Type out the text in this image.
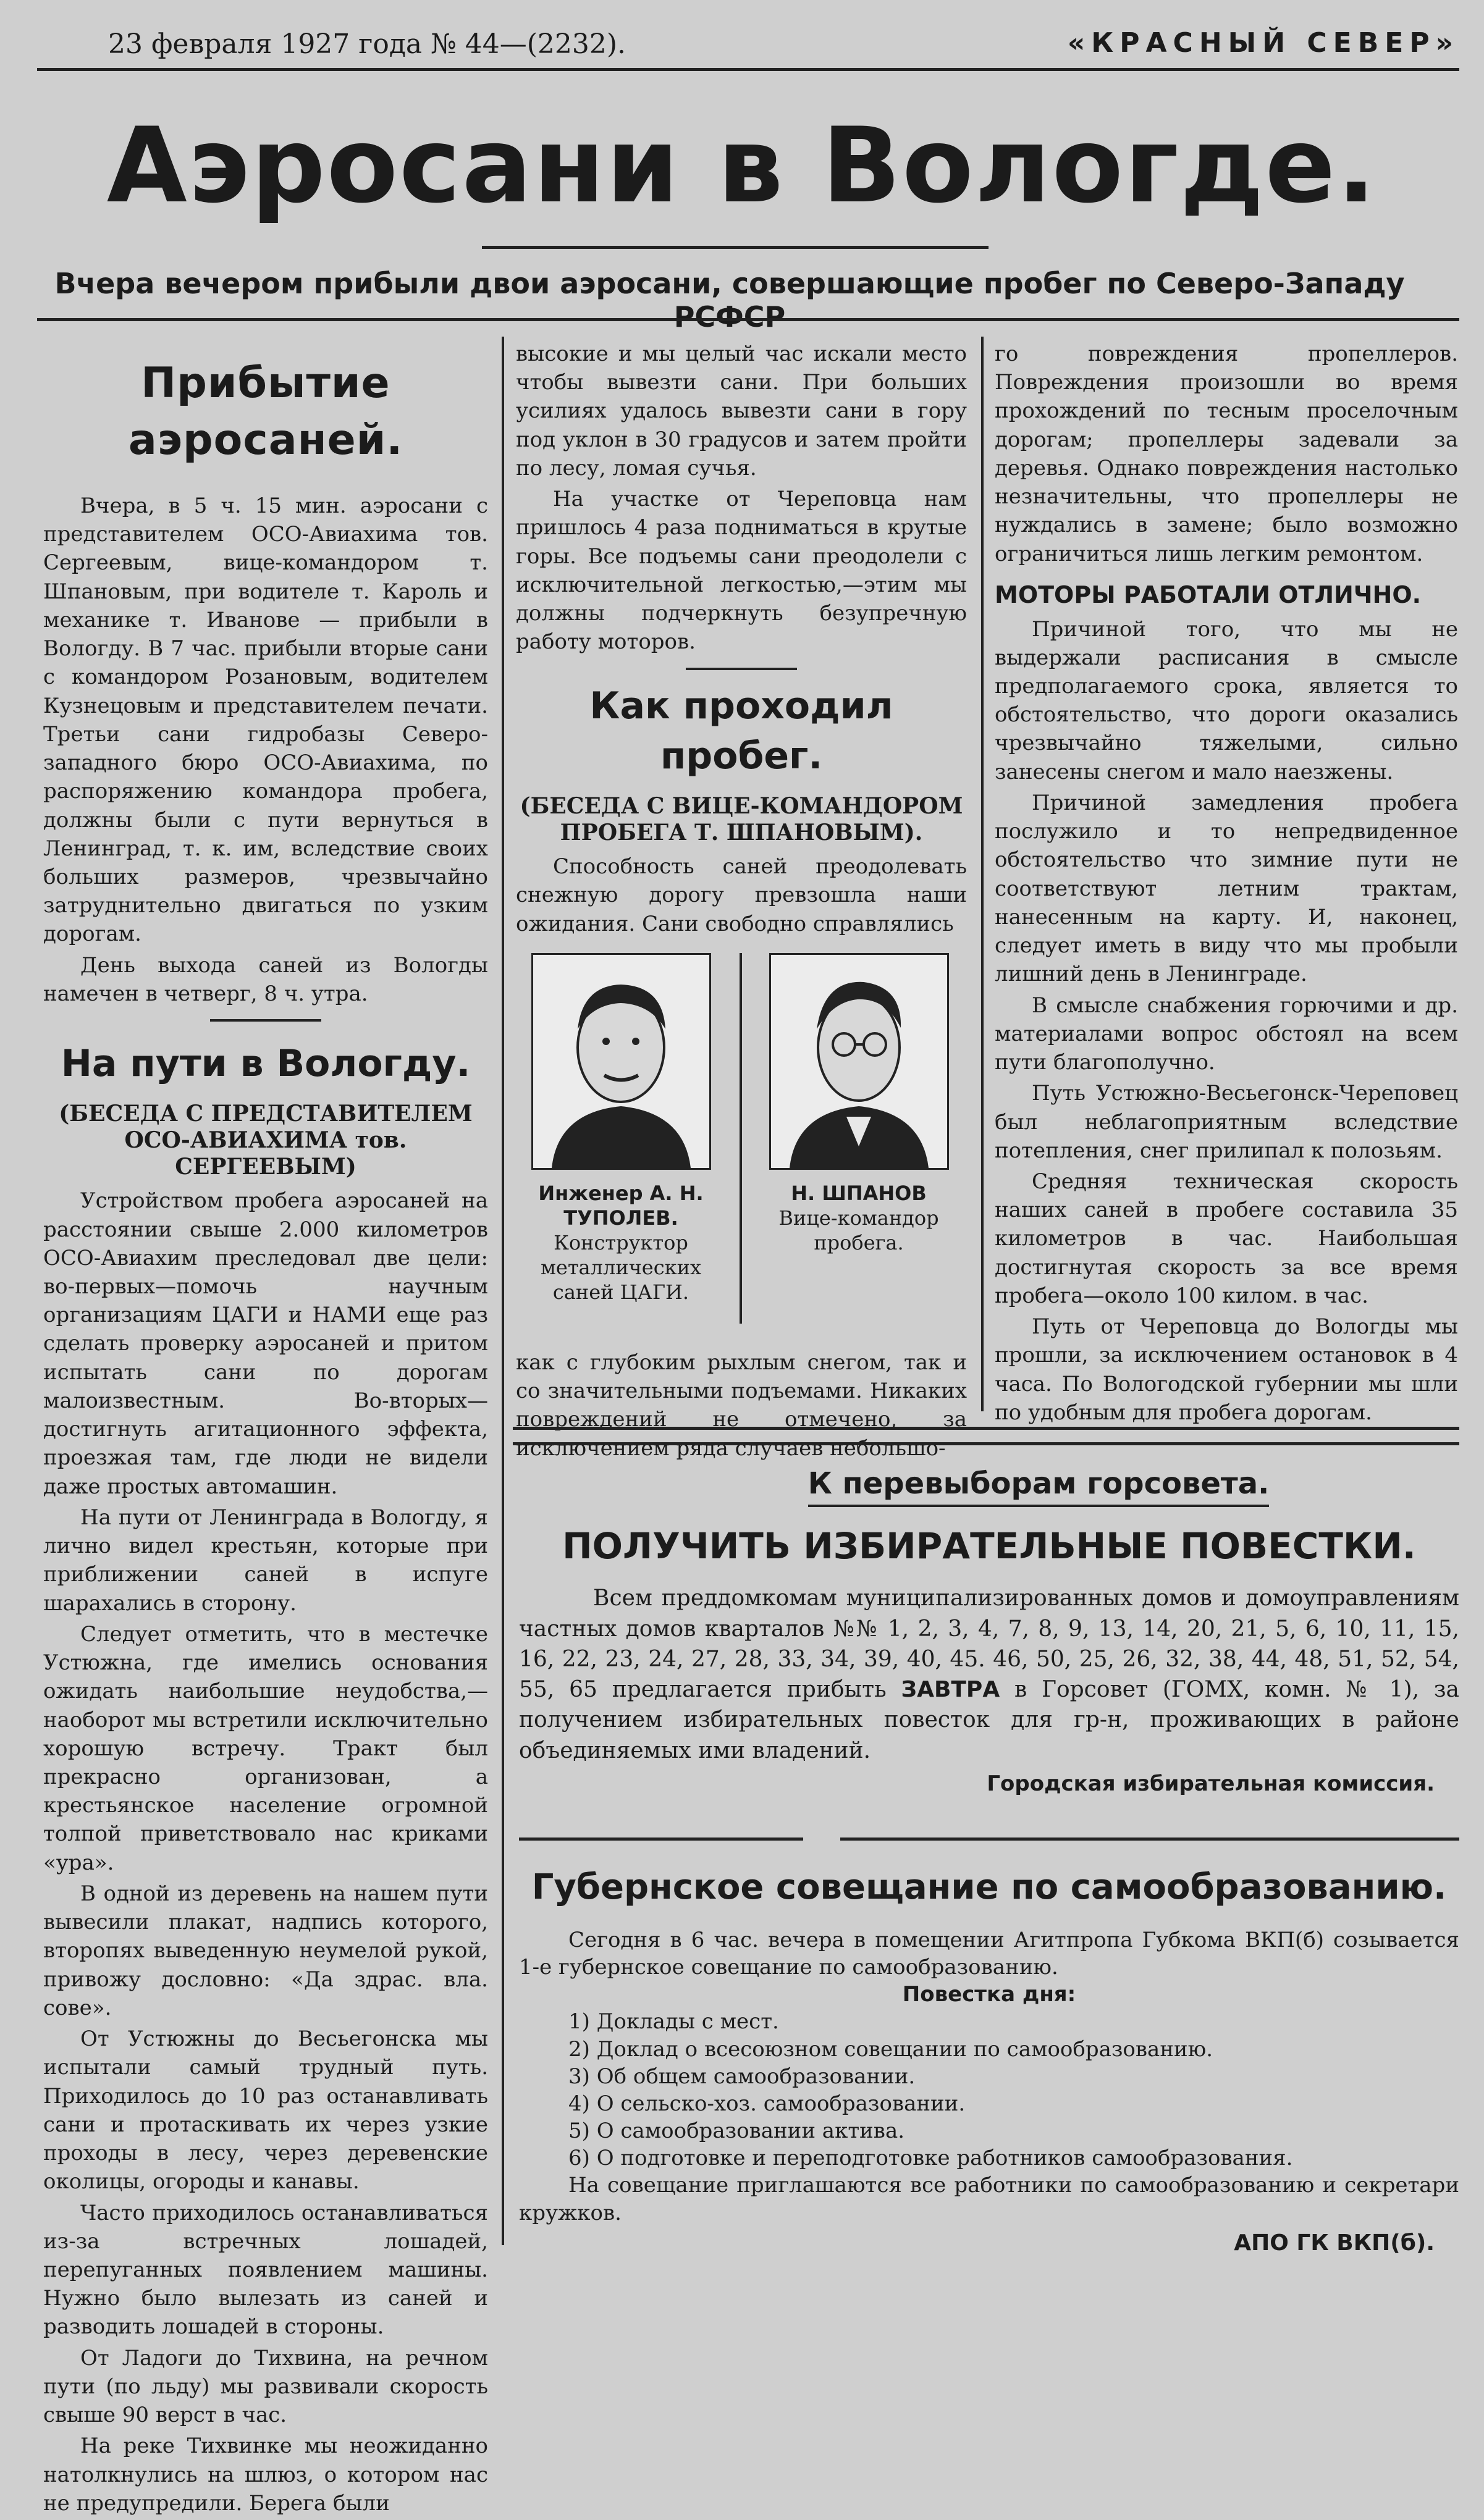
23 февраля 1927 года № 44—(2232).	«КРАСНЫЙ СЕВЕР»
Аэросани в Вологде.
Вчера вечером прибыли двои аэросани, совершающие пробег по Северо-Западу РСФСР
Прибытие аэросаней.

Вчера, в 5 ч. 15 мин. аэросани с представителем ОСО-Авиахима тов. Сергеевым, вице-командором т. Шпановым, при водителе т. Кароль и механике т. Иванове — прибыли в Вологду. В 7 час. прибыли вторые сани с командором Розановым, водителем Кузнецовым и представителем печати. Третьи сани гидробазы Северо-западного бюро ОСО-Авиахима, по распоряжению командора пробега, должны были с пути вернуться в Ленинград, т. к. им, вследствие своих больших размеров, чрезвычайно затруднительно двигаться по узким дорогам.

День выхода саней из Вологды намечен в четверг, 8 ч. утра.

На пути в Вологду.
(БЕСЕДА С ПРЕДСТАВИТЕЛЕМ ОСО-АВИАХИМА тов. СЕРГЕЕВЫМ)

Устройством пробега аэросаней на расстоянии свыше 2.000 километров ОСО-Авиахим преследовал две цели: во-первых—помочь научным организациям ЦАГИ и НАМИ еще раз сделать проверку аэросаней и притом испытать сани по дорогам малоизвестным. Во-вторых—достигнуть агитационного эффекта, проезжая там, где люди не видели даже простых автомашин.

На пути от Ленинграда в Вологду, я лично видел крестьян, которые при приближении саней в испуге шарахались в сторону.

Следует отметить, что в местечке Устюжна, где имелись основания ожидать наибольшие неудобства,—наоборот мы встретили исключительно хорошую встречу. Тракт был прекрасно организован, а крестьянское население огромной толпой приветствовало нас криками «ура».

В одной из деревень на нашем пути вывесили плакат, надпись которого, второпях выведенную неумелой рукой, привожу дословно: «Да здрас. вла. сове».

От Устюжны до Весьегонска мы испытали самый трудный путь. Приходилось до 10 раз останавливать сани и протаскивать их через узкие проходы в лесу, через деревенские околицы, огороды и канавы.

Часто приходилось останавливаться из-за встречных лошадей, перепуганных появлением машины. Нужно было вылезать из саней и разводить лошадей в стороны.

От Ладоги до Тихвина, на речном пути (по льду) мы развивали скорость свыше 90 верст в час.

На реке Тихвинке мы неожиданно натолкнулись на шлюз, о котором нас не предупредили. Берега были

высокие и мы целый час искали место чтобы вывезти сани. При больших усилиях удалось вывезти сани в гору под уклон в 30 градусов и затем пройти по лесу, ломая сучья.

На участке от Череповца нам пришлось 4 раза подниматься в крутые горы. Все подъемы сани преодолели с исключительной легкостью,—этим мы должны подчеркнуть безупречную работу моторов.

Как проходил пробег.
(БЕСЕДА С ВИЦЕ-КОМАНДОРОМ ПРОБЕГА Т. ШПАНОВЫМ).

Способность саней преодолевать снежную дорогу превзошла наши ожидания. Сани свободно справлялись

Инженер А. Н. ТУПОЛЕВ.
Конструктор металлических саней ЦАГИ.
Н. ШПАНОВ
Вице-командор пробега.

как с глубоким рыхлым снегом, так и со значительными подъемами. Никаких повреждений не отмечено, за исключением ряда случаев небольшо-

го повреждения пропеллеров. Повреждения произошли во время прохождений по тесным проселочным дорогам; пропеллеры задевали за деревья. Однако повреждения настолько незначительны, что пропеллеры не нуждались в замене; было возможно ограничиться лишь легким ремонтом.

МОТОРЫ РАБОТАЛИ ОТЛИЧНО.

Причиной того, что мы не выдержали расписания в смысле предполагаемого срока, является то обстоятельство, что дороги оказались чрезвычайно тяжелыми, сильно занесены снегом и мало наезжены.

Причиной замедления пробега послужило и то непредвиденное обстоятельство что зимние пути не соответствуют летним трактам, нанесенным на карту. И, наконец, следует иметь в виду что мы пробыли лишний день в Ленинграде.

В смысле снабжения горючими и др. материалами вопрос обстоял на всем пути благополучно.

Путь Устюжно-Весьегонск-Череповец был неблагоприятным вследствие потепления, снег прилипал к полозьям.

Средняя техническая скорость наших саней в пробеге составила 35 километров в час. Наибольшая достигнутая скорость за все время пробега—около 100 килом. в час.

Путь от Череповца до Вологды мы прошли, за исключением остановок в 4 часа. По Вологодской губернии мы шли по удобным для пробега дорогам.

К перевыборам горсовета.
ПОЛУЧИТЬ ИЗБИРАТЕЛЬНЫЕ ПОВЕСТКИ.
Всем преддомкомам муниципализированных домов и домоуправлениям частных домов кварталов №№ 1, 2, 3, 4, 7, 8, 9, 13, 14, 20, 21, 5, 6, 10, 11, 15, 16, 22, 23, 24, 27, 28, 33, 34, 39, 40, 45. 46, 50, 25, 26, 32, 38, 44, 48, 51, 52, 54, 55, 65 предлагается прибыть ЗАВТРА в Горсовет (ГОМХ, комн. № 1), за получением избирательных повесток для гр-н, проживающих в районе объединяемых ими владений.
Городская избирательная комиссия.
Губернское совещание по самообразованию.
Сегодня в 6 час. вечера в помещении Агитпропа Губкома ВКП(б) созывается 1-е губернское совещание по самообразованию.
Повестка дня:

1) Доклады с мест.

2) Доклад о всесоюзном совещании по самообразованию.

3) Об общем самообразовании.

4) О сельско-хоз. самообразовании.

5) О самообразовании актива.

6) О подготовке и переподготовке работников самообразования.

На совещание приглашаются все работники по самообразованию и секретари кружков.
АПО ГК ВКП(б).
